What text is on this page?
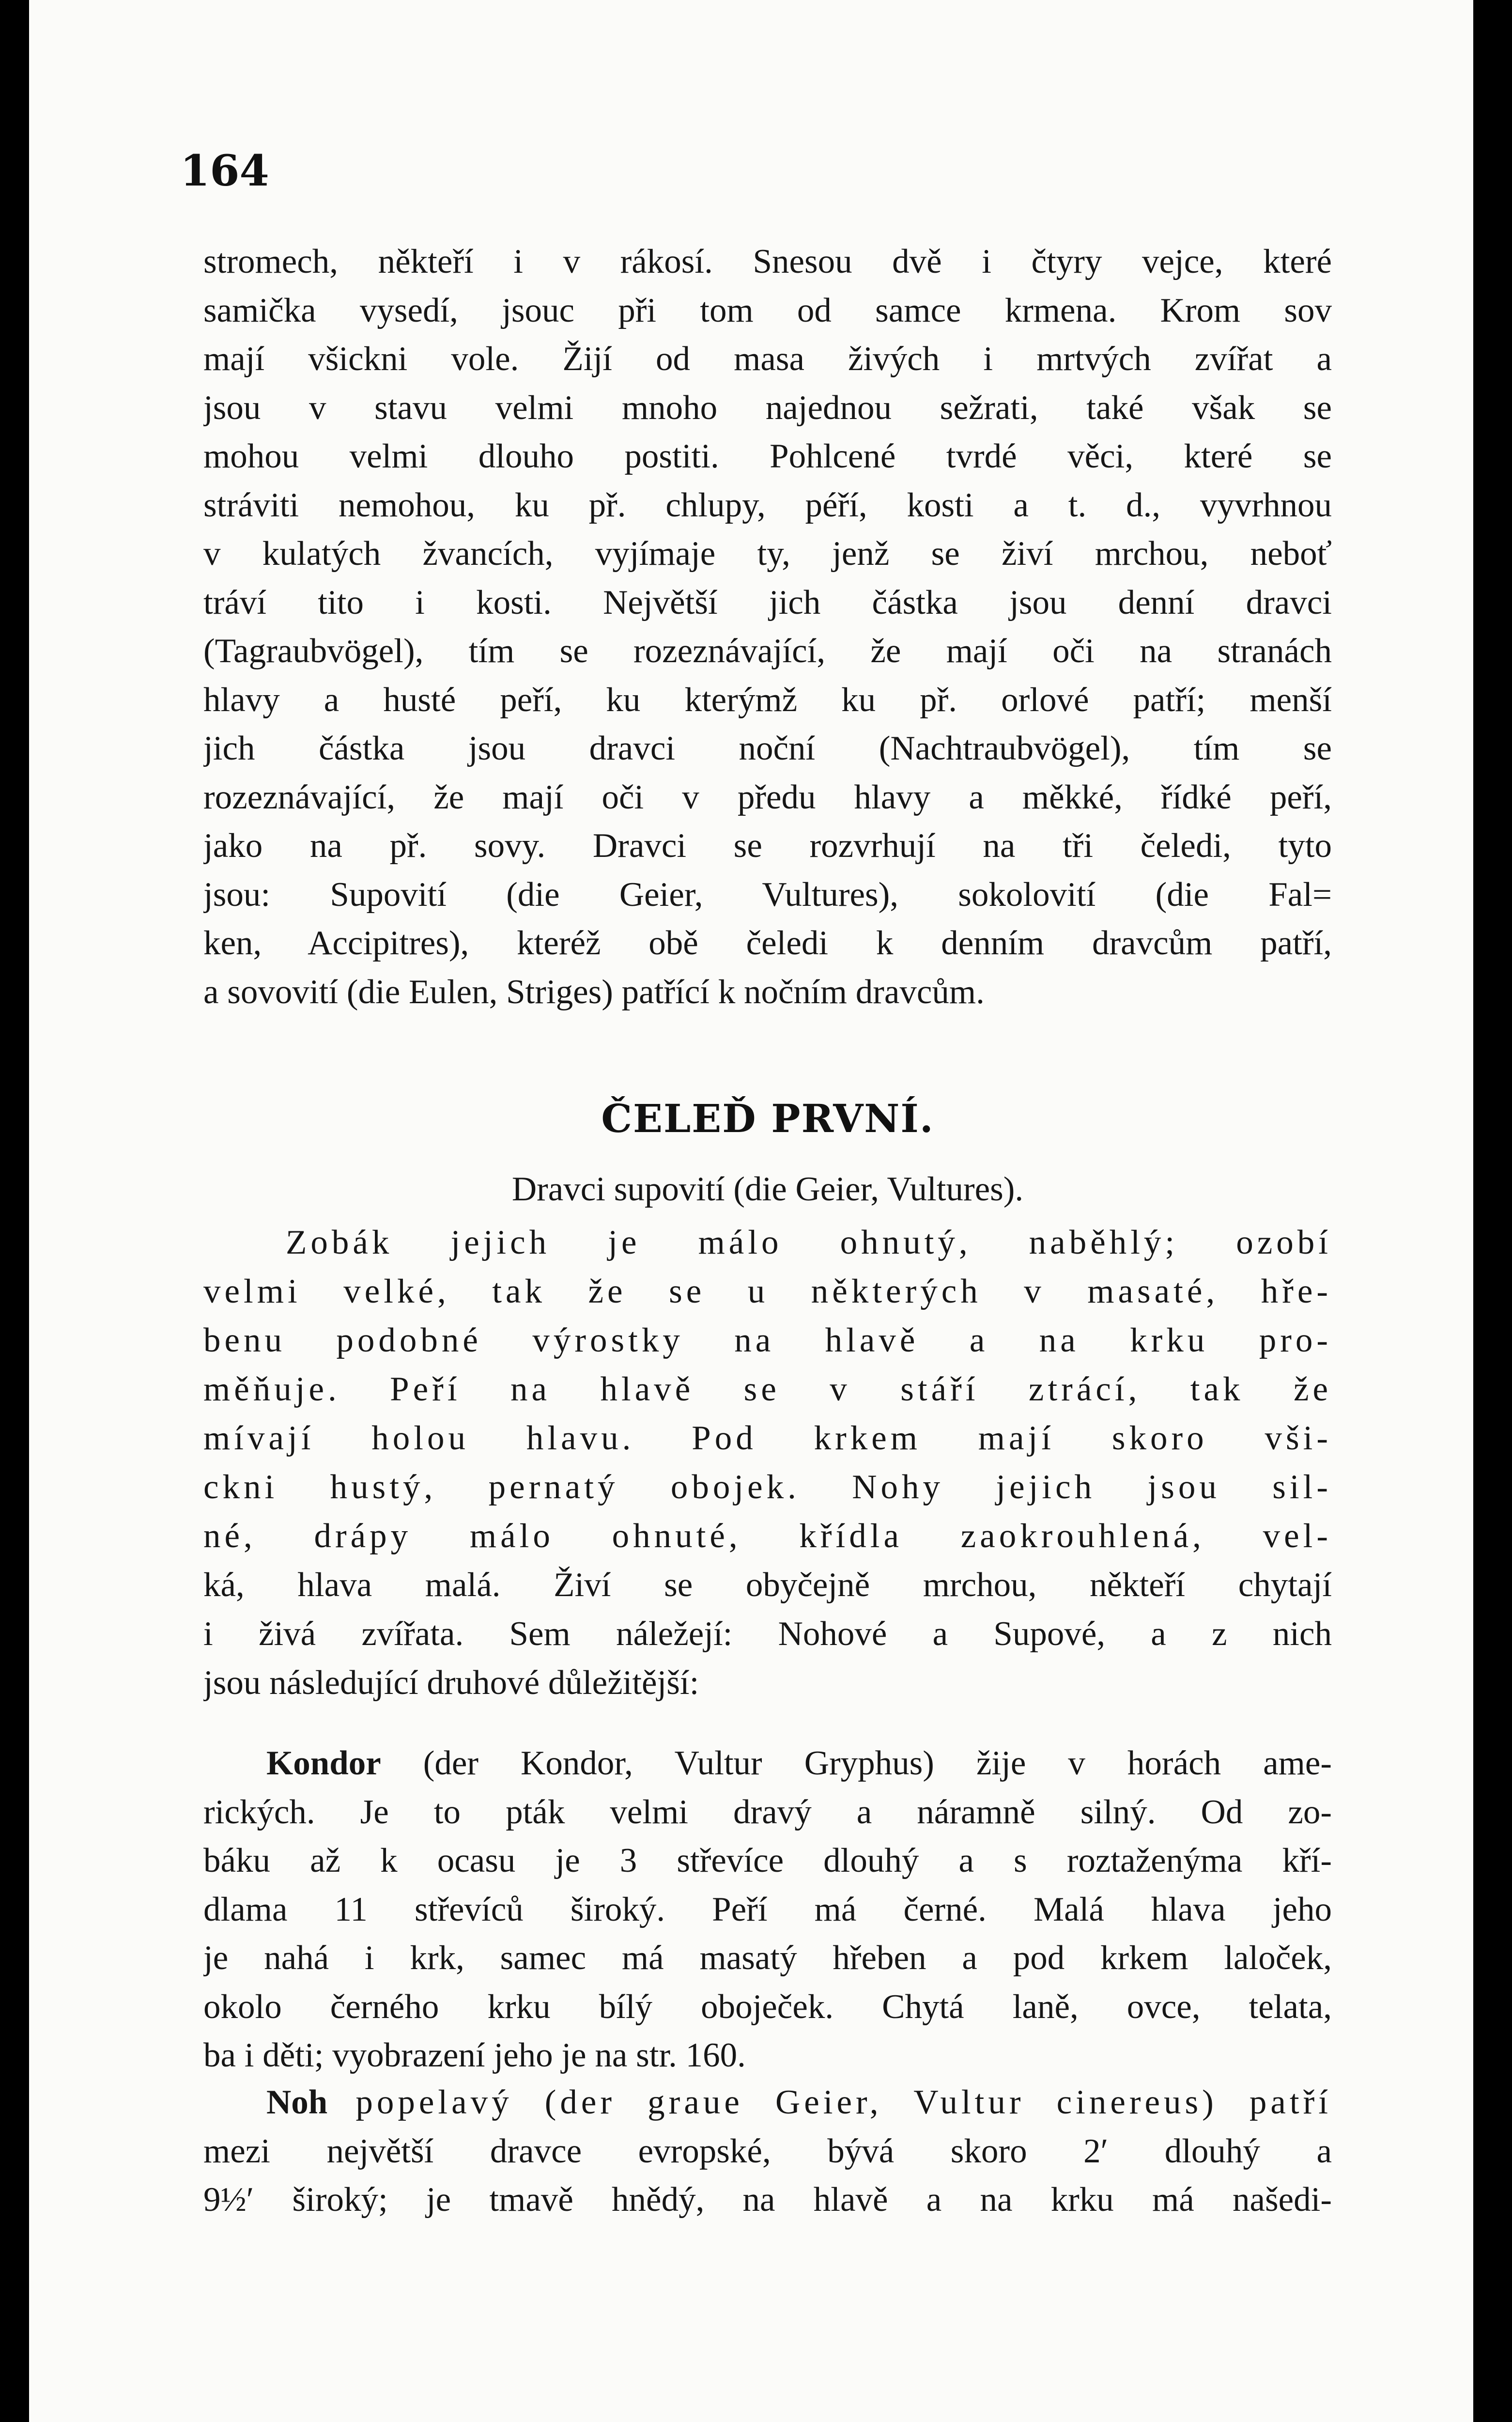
164

stromech, někteří i v rákosí. Snesou dvě i čtyry vejce, které
samička vysedí, jsouc při tom od samce krmena. Krom sov
mají všickni vole. Žijí od masa živých i mrtvých zvířat a
jsou v stavu velmi mnoho najednou sežrati, také však se
mohou velmi dlouho postiti. Pohlcené tvrdé věci, které se
stráviti nemohou, ku př. chlupy, péří, kosti a t. d., vyvrhnou
v kulatých žvancích, vyjímaje ty, jenž se živí mrchou, neboť
tráví tito i kosti. Největší jich částka jsou denní dravci
(Tagraubvögel), tím se rozeznávající, že mají oči na stranách
hlavy a husté peří, ku kterýmž ku př. orlové patří; menší
jich částka jsou dravci noční (Nachtraubvögel), tím se
rozeznávající, že mají oči v předu hlavy a měkké, řídké peří,
jako na př. sovy. Dravci se rozvrhují na tři čeledi, tyto
jsou: Supovití (die Geier, Vultures), sokolovití (die Fal=
ken, Accipitres), kteréž obě čeledi k denním dravcům patří,
a sovovití (die Eulen, Striges) patřící k nočním dravcům.
ČELEĎ PRVNÍ.
Dravci supovití (die Geier, Vultures).
Zobák jejich je málo ohnutý, naběhlý; ozobí
velmi velké, tak že se u některých v masaté, hře-
benu podobné výrostky na hlavě a na krku pro-
měňuje. Peří na hlavě se v stáří ztrácí, tak že
mívají holou hlavu. Pod krkem mají skoro vši-
ckni hustý, pernatý obojek. Nohy jejich jsou sil-
né, drápy málo ohnuté, křídla zaokrouhlená, vel-
ká, hlava malá. Živí se obyčejně mrchou, někteří chytají
i živá zvířata. Sem náležejí: Nohové a Supové, a z nich
jsou následující druhové důležitější:
Kondor (der Kondor, Vultur Gryphus) žije v horách ame-
rických. Je to pták velmi dravý a náramně silný. Od zo-
báku až k ocasu je 3 střevíce dlouhý a s roztaženýma kří-
dlama 11 střevíců široký. Peří má černé. Malá hlava jeho
je nahá i krk, samec má masatý hřeben a pod krkem laloček,
okolo černého krku bílý oboječek. Chytá laně, ovce, telata,
ba i děti; vyobrazení jeho je na str. 160.
Noh popelavý (der graue Geier, Vultur cinereus) patří
mezi největší dravce evropské, bývá skoro 2′ dlouhý a
9½′ široký; je tmavě hnědý, na hlavě a na krku má našedi-
